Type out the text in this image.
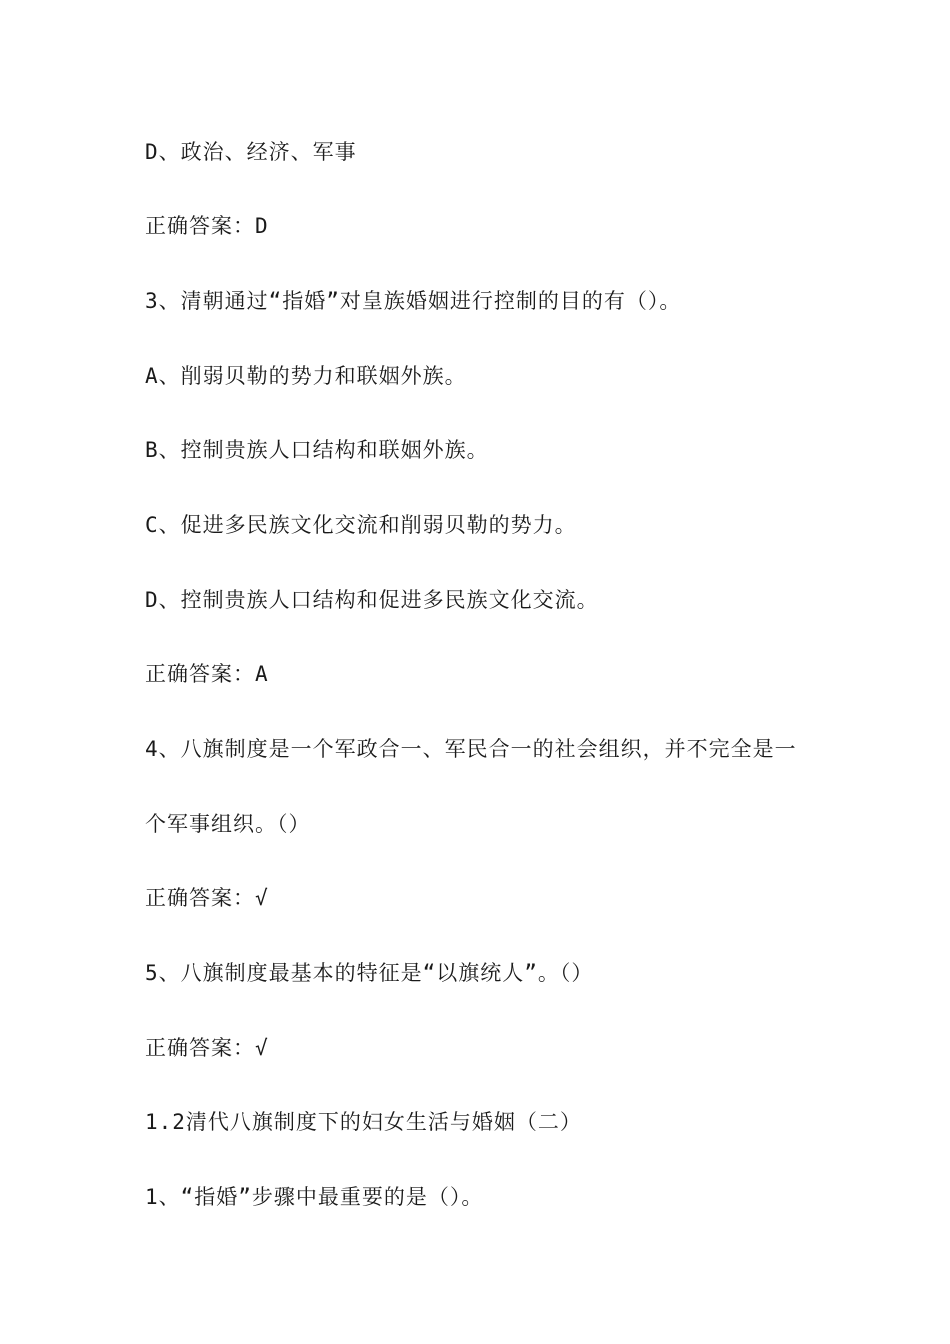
D、政治、经济、军事

正确答案：D

3、清朝通过“指婚”对皇族婚姻进行控制的目的有（）。

A、削弱贝勒的势力和联姻外族。

B、控制贵族人口结构和联姻外族。

C、促进多民族文化交流和削弱贝勒的势力。

D、控制贵族人口结构和促进多民族文化交流。

正确答案：A

4、八旗制度是一个军政合一、军民合一的社会组织，并不完全是一

个军事组织。（）

正确答案：√

5、八旗制度最基本的特征是“以旗统人”。（）

正确答案：√

1.2清代八旗制度下的妇女生活与婚姻（二）

1、“指婚”步骤中最重要的是（）。
